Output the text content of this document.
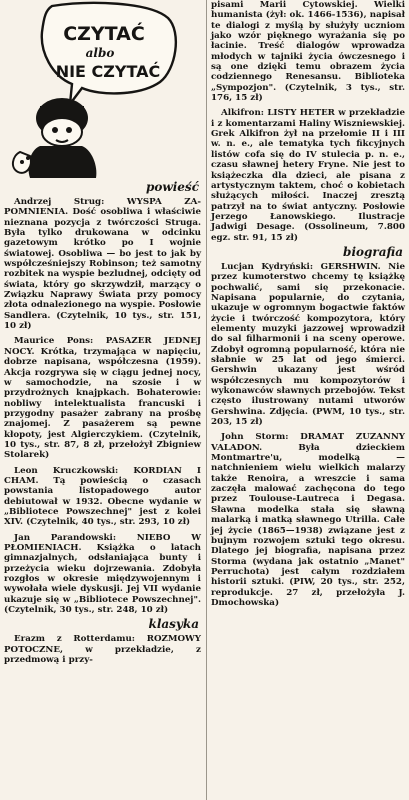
CZYTAĆ
albo
NIE CZYTAĆ
powieść

Andrzej Strug: WYSPA ZA-POMNIENIA. Dość osobliwa i właściwie nieznana pozycja z twórczości Struga. Była tylko drukowana w odcinku gazetowym krótko po I wojnie światowej. Osobliwa — bo jest to jak by współcześniejszy Robinson; też samotny rozbitek na wyspie bezludnej, odcięty od świata, który go skrzywdził, marzący o Związku Naprawy Świata przy pomocy złota odnalezionego na wyspie. Posłowie Sandlera. (Czytelnik, 10 tys., str. 151, 10 zł)

Maurice Pons: PASAZER JEDNEJ NOCY. Krótka, trzymająca w napięciu, dobrze napisana, współczesna (1959). Akcja rozgrywa się w ciągu jednej nocy, w samochodzie, na szosie i w przydrożnych knajpkach. Bohaterowie: nobliwy intelektualista francuski i przygodny pasażer zabrany na prośbę znajomej. Z pasażerem są pewne kłopoty, jest Algierczykiem. (Czytelnik, 10 tys., str. 87, 8 zł, przełożył Zbigniew Stolarek)

Leon Kruczkowski: KORDIAN I CHAM. Tą powieścią o czasach powstania listopadowego autor debiutował w 1932. Obecne wydanie w „Bibliotece Powszechnej" jest z kolei XIV. (Czytelnik, 40 tys., str. 293, 10 zł)

Jan Parandowski: NIEBO W PŁOMIENIACH. Książka o latach gimnazjalnych, odsłaniająca bunty i przeżycia wieku dojrzewania. Zdobyła rozgłos w okresie międzywojennym i wywołała wiele dyskusji. Jej VII wydanie ukazuje się w „Bibliotece Powszechnej". (Czytelnik, 30 tys., str. 248, 10 zł)

klasyka

Erazm z Rotterdamu: ROZMOWY POTOCZNE, w przekładzie, z przedmową i przy-

pisami Marii Cytowskiej. Wielki humanista (żył: ok. 1466-1536), napisał te dialogi z myślą by służyły uczniom jako wzór pięknego wyrażania się po łacinie. Treść dialogów wprowadza młodych w tajniki życia ówczesnego i są one dzięki temu obrazem życia codziennego Renesansu. Biblioteka „Sympozjon". (Czytelnik, 3 tys., str. 176, 15 zł)

Alkifron: LISTY HETER w przekładzie i z komentarzami Haliny Wiszniewskiej. Grek Alkifron żył na przełomie II i III w. n. e., ale tematyka tych fikcyjnych listów cofa się do IV stulecia p. n. e., czasu sławnej hetery Fryne. Nie jest to książeczka dla dzieci, ale pisana z artystycznym taktem, choć o kobietach służących miłości. Inaczej zresztą patrzył na to świat antyczny. Posłowie Jerzego Łanowskiego. Ilustracje Jadwigi Desage. (Ossolineum, 7.800 egz. str. 91, 15 zł)

biografia

Lucjan Kydryński: GERSHWIN. Nie przez kumoterstwo chcemy tę książkę pochwalić, sami się przekonacie. Napisana popularnie, do czytania, ukazuje w ogromnym bogactwie faktów życie i twórczość kompozytora, który elementy muzyki jazzowej wprowadził do sal filharmonii i na sceny operowe. Zdobył ogromną popularność, która nie słabnie w 25 lat od jego śmierci. Gershwin ukazany jest wśród współczesnych mu kompozytorów i wykonawców sławnych przebojów. Tekst często ilustrowany nutami utworów Gershwina. Zdjęcia. (PWM, 10 tys., str. 203, 15 zł)

John Storm: DRAMAT ZUZANNY VALADON. Była dzieckiem Montmartre'u, modelką — natchnieniem wielu wielkich malarzy także Renoira, a wreszcie i sama zaczęła malować zachęcona do tego przez Toulouse-Lautreca i Degasa. Sławna modelka stała się sławną malarką i matką sławnego Utrilla. Całe jej życie (1865—1938) związane jest z bujnym rozwojem sztuki tego okresu. Dlatego jej biografia, napisana przez Storma (wydana jak ostatnio „Manet" Perruchota) jest całym rozdziałem historii sztuki. (PIW, 20 tys., str. 252, reprodukcje. 27 zł, przełożyła J. Dmochowska)
